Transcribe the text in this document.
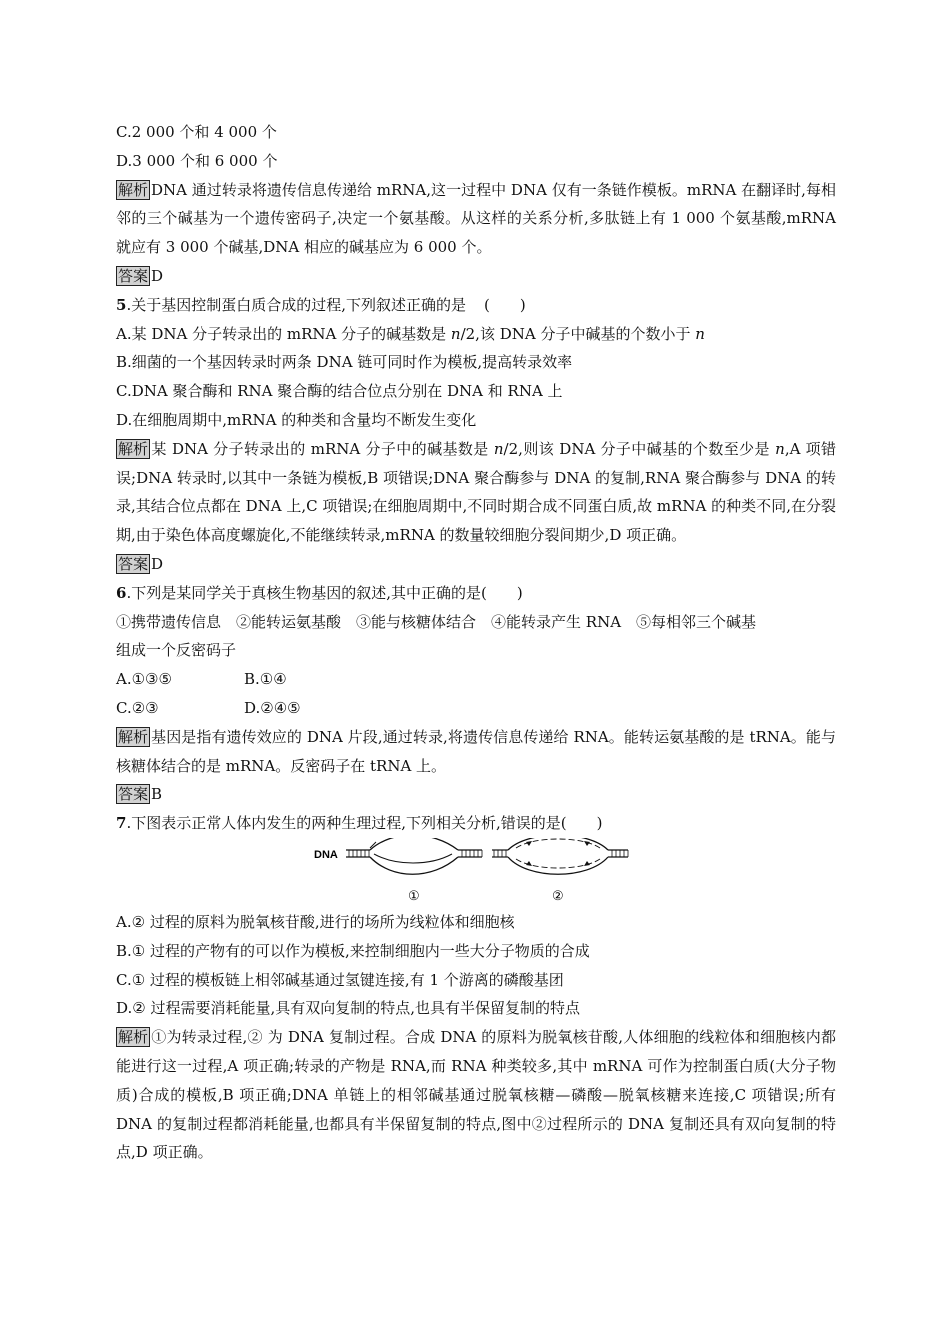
C.2 000 个和 4 000 个

D.3 000 个和 6 000 个

解析 DNA 通过转录将遗传信息传递给 mRNA,这一过程中 DNA 仅有一条链作模板。mRNA 在翻译时,每相邻的三个碱基为一个遗传密码子,决定一个氨基酸。从这样的关系分析,多肽链上有 1 000 个氨基酸,mRNA 就应有 3 000 个碱基,DNA 相应的碱基应为 6 000 个。

答案 D

5.关于基因控制蛋白质合成的过程,下列叙述正确的是 (　　)

A.某 DNA 分子转录出的 mRNA 分子的碱基数是 n/2,该 DNA 分子中碱基的个数小于 n

B.细菌的一个基因转录时两条 DNA 链可同时作为模板,提高转录效率

C.DNA 聚合酶和 RNA 聚合酶的结合位点分别在 DNA 和 RNA 上

D.在细胞周期中,mRNA 的种类和含量均不断发生变化

解析 某 DNA 分子转录出的 mRNA 分子中的碱基数是 n/2,则该 DNA 分子中碱基的个数至少是 n,A 项错误;DNA 转录时,以其中一条链为模板,B 项错误;DNA 聚合酶参与 DNA 的复制,RNA 聚合酶参与 DNA 的转录,其结合位点都在 DNA 上,C 项错误;在细胞周期中,不同时期合成不同蛋白质,故 mRNA 的种类不同,在分裂期,由于染色体高度螺旋化,不能继续转录,mRNA 的数量较细胞分裂间期少,D 项正确。

答案 D

6.下列是某同学关于真核生物基因的叙述,其中正确的是(　　)

①携带遗传信息　②能转运氨基酸　③能与核糖体结合　④能转录产生 RNA　⑤每相邻三个碱基

组成一个反密码子

A.①③⑤	B.①④
C.②③	D.②④⑤

解析 基因是指有遗传效应的 DNA 片段,通过转录,将遗传信息传递给 RNA。能转运氨基酸的是 tRNA。能与核糖体结合的是 mRNA。反密码子在 tRNA 上。

答案 B

7.下图表示正常人体内发生的两种生理过程,下列相关分析,错误的是(　　)

DNA
①	②

A.② 过程的原料为脱氧核苷酸,进行的场所为线粒体和细胞核

B.① 过程的产物有的可以作为模板,来控制细胞内一些大分子物质的合成

C.① 过程的模板链上相邻碱基通过氢键连接,有 1 个游离的磷酸基团

D.② 过程需要消耗能量,具有双向复制的特点,也具有半保留复制的特点

解析 ①为转录过程,② 为 DNA 复制过程。合成 DNA 的原料为脱氧核苷酸,人体细胞的线粒体和细胞核内都能进行这一过程,A 项正确;转录的产物是 RNA,而 RNA 种类较多,其中 mRNA 可作为控制蛋白质(大分子物质)合成的模板,B 项正确;DNA 单链上的相邻碱基通过脱氧核糖—磷酸—脱氧核糖来连接,C 项错误;所有 DNA 的复制过程都消耗能量,也都具有半保留复制的特点,图中②过程所示的 DNA 复制还具有双向复制的特点,D 项正确。
